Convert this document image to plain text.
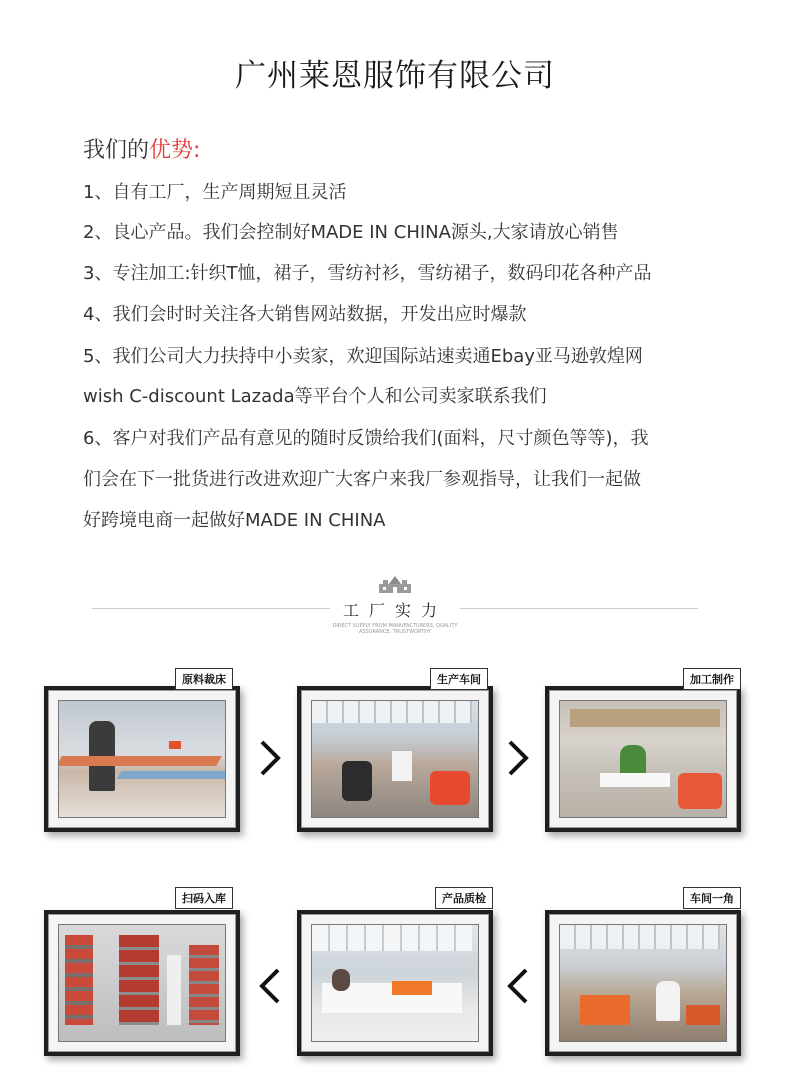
广州莱恩服饰有限公司
我们的优势:
1、自有工厂，生产周期短且灵活
2、良心产品。我们会控制好MADE IN CHINA源头,大家请放心销售
3、专注加工:针织T恤，裙子，雪纺衬衫，雪纺裙子，数码印花各种产品
4、我们会时时关注各大销售网站数据，开发出应时爆款
5、我们公司大力扶持中小卖家，欢迎国际站速卖通Ebay亚马逊敦煌网
wish C-discount Lazada等平台个人和公司卖家联系我们
6、客户对我们产品有意见的随时反馈给我们(面料，尺寸颜色等等)，我
们会在下一批货进行改进欢迎广大客户来我厂参观指导，让我们一起做
好跨境电商一起做好MADE IN CHINA
工厂实力
DIRECT SUPPLY FROM MANUFACTURERS, QUALITY ASSURANCE, TRUSTWORTHY
原料裁床	生产车间	加工制作
扫码入库	产品质检	车间一角
